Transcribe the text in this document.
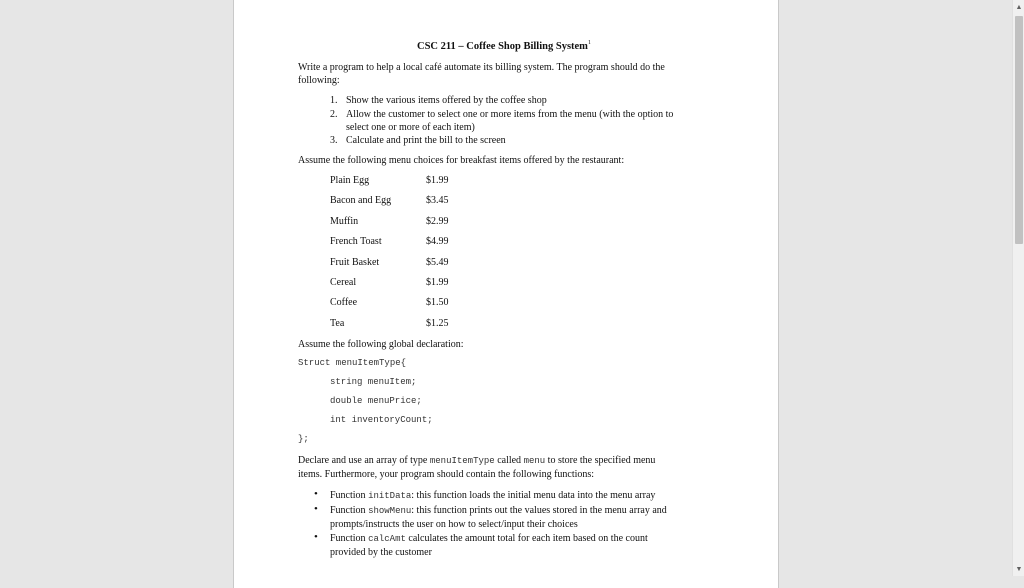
CSC 211 – Coffee Shop Billing System$^1$
Write a program to help a local café automate its billing system. The program should do the
following:
1. Show the various items offered by the coffee shop
2. Allow the customer to select one or more items from the menu (with the option to
select one or more of each item)
3. Calculate and print the bill to the screen
Assume the following menu choices for breakfast items offered by the restaurant:
Plain Egg	$1.99
Bacon and Egg	$3.45
Muffin	$2.99
French Toast	$4.99
Fruit Basket	$5.49
Cereal	$1.99
Coffee	$1.50
Tea	$1.25
Assume the following global declaration:
Struct menuItemType{
string menuItem;
double menuPrice;
int inventoryCount;
};
Declare and use an array of type menuItemType called menu to store the specified menu
items. Furthermore, your program should contain the following functions:
• Function initData: this function loads the initial menu data into the menu array
• Function showMenu: this function prints out the values stored in the menu array and
prompts/instructs the user on how to select/input their choices
• Function calcAmt calculates the amount total for each item based on the count
provided by the customer
▲
▼
